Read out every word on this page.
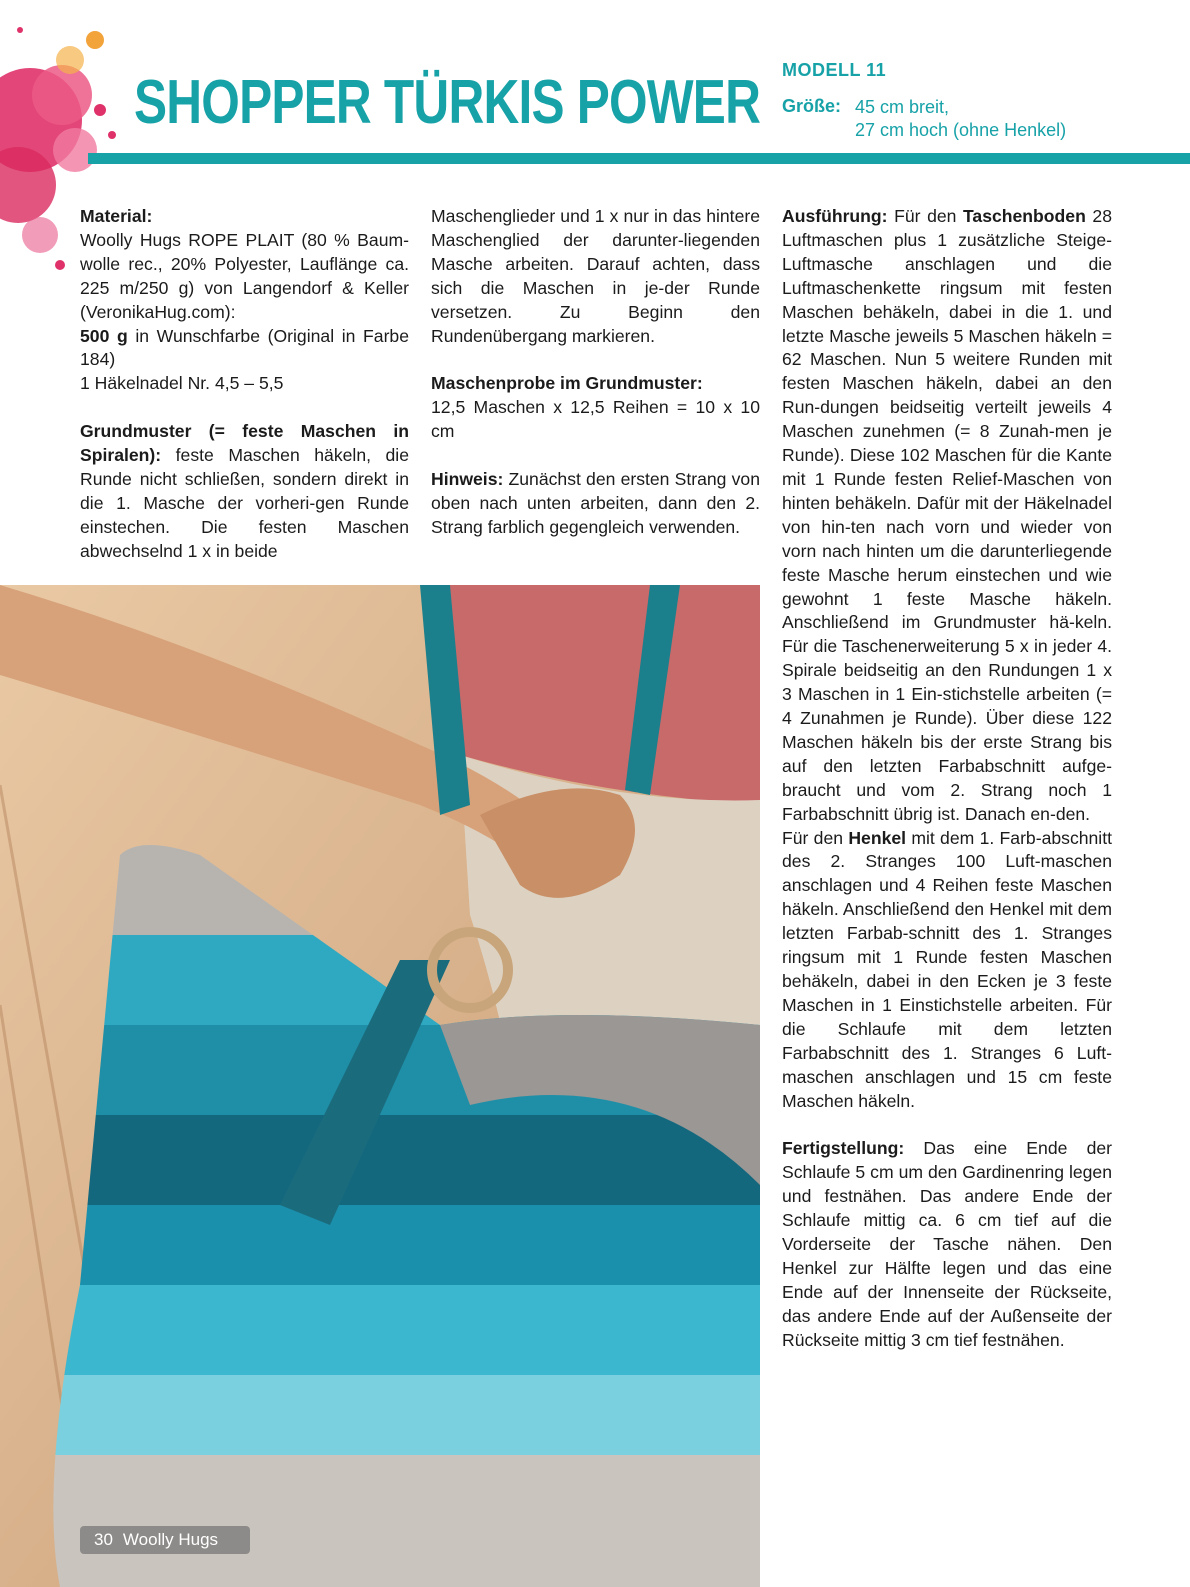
SHOPPER TÜRKIS POWER MODELL 11
Größe: 45 cm breit,
27 cm hoch (ohne Henkel)

Material:

Woolly Hugs ROPE PLAIT (80 % Baum-wolle rec., 20% Polyester, Lauflänge ca. 225 m/250 g) von Langendorf & Keller (VeronikaHug.com):

500 g in Wunschfarbe (Original in Farbe 184)

1 Häkelnadel Nr. 4,5 – 5,5

Grundmuster (= feste Maschen in Spiralen): feste Maschen häkeln, die Runde nicht schließen, sondern direkt in die 1. Masche der vorheri-gen Runde einstechen. Die festen Maschen abwechselnd 1 x in beide

Maschenglieder und 1 x nur in das hintere Maschenglied der darunter-liegenden Masche arbeiten. Darauf achten, dass sich die Maschen in je-der Runde versetzen. Zu Beginn den Rundenübergang markieren.

Maschenprobe im Grundmuster:

12,5 Maschen x 12,5 Reihen = 10 x 10 cm

Hinweis: Zunächst den ersten Strang von oben nach unten arbeiten, dann den 2. Strang farblich gegengleich verwenden.

Ausführung: Für den Taschenboden 28 Luftmaschen plus 1 zusätzliche Steige-Luftmasche anschlagen und die Luftmaschenkette ringsum mit festen Maschen behäkeln, dabei in die 1. und letzte Masche jeweils 5 Maschen häkeln = 62 Maschen. Nun 5 weitere Runden mit festen Maschen häkeln, dabei an den Run-dungen beidseitig verteilt jeweils 4 Maschen zunehmen (= 8 Zunah-men je Runde). Diese 102 Maschen für die Kante mit 1 Runde festen Relief-Maschen von hinten behäkeln. Dafür mit der Häkelnadel von hin-ten nach vorn und wieder von vorn nach hinten um die darunterliegende feste Masche herum einstechen und wie gewohnt 1 feste Masche häkeln. Anschließend im Grundmuster hä-keln. Für die Taschenerweiterung 5 x in jeder 4. Spirale beidseitig an den Rundungen 1 x 3 Maschen in 1 Ein-stichstelle arbeiten (= 4 Zunahmen je Runde). Über diese 122 Maschen häkeln bis der erste Strang bis auf den letzten Farbabschnitt aufge-braucht und vom 2. Strang noch 1 Farbabschnitt übrig ist. Danach en-den.

Für den Henkel mit dem 1. Farb-abschnitt des 2. Stranges 100 Luft-maschen anschlagen und 4 Reihen feste Maschen häkeln. Anschließend den Henkel mit dem letzten Farbab-schnitt des 1. Stranges ringsum mit 1 Runde festen Maschen behäkeln, dabei in den Ecken je 3 feste Maschen in 1 Einstichstelle arbeiten. Für die Schlaufe mit dem letzten Farbabschnitt des 1. Stranges 6 Luft-maschen anschlagen und 15 cm feste Maschen häkeln.

Fertigstellung: Das eine Ende der Schlaufe 5 cm um den Gardinenring legen und festnähen. Das andere Ende der Schlaufe mittig ca. 6 cm tief auf die Vorderseite der Tasche nähen. Den Henkel zur Hälfte legen und das eine Ende auf der Innenseite der Rückseite, das andere Ende auf der Außenseite der Rückseite mittig 3 cm tief festnähen.

30 Woolly Hugs
